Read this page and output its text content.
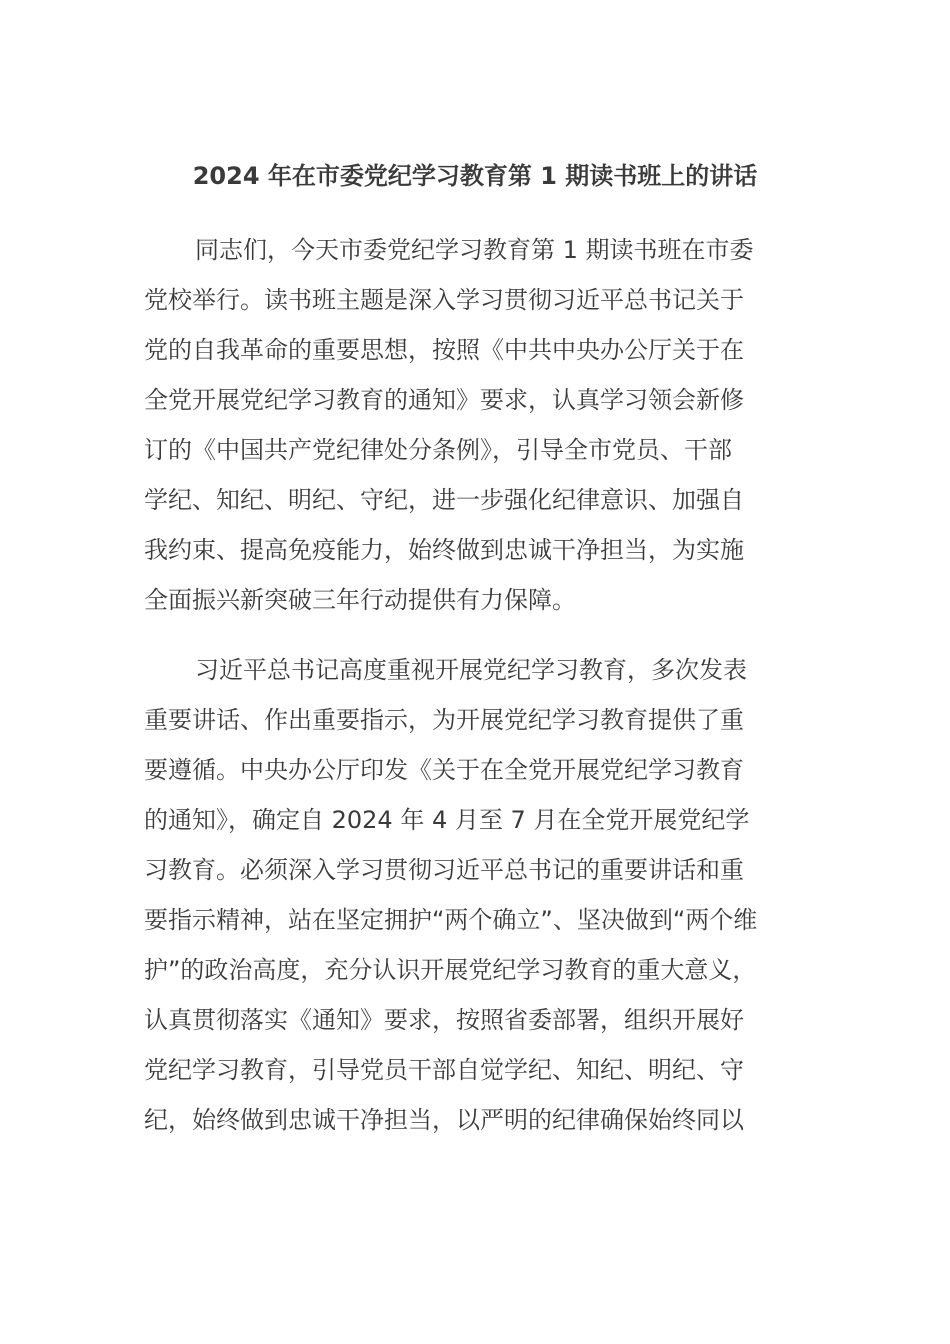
2024 年在市委党纪学习教育第 1 期读书班上的讲话
同志们，今天市委党纪学习教育第 1 期读书班在市委
党校举行。读书班主题是深入学习贯彻习近平总书记关于
党的自我革命的重要思想，按照《中共中央办公厅关于在
全党开展党纪学习教育的通知》要求，认真学习领会新修
订的《中国共产党纪律处分条例》，引导全市党员、干部
学纪、知纪、明纪、守纪，进一步强化纪律意识、加强自
我约束、提高免疫能力，始终做到忠诚干净担当，为实施
全面振兴新突破三年行动提供有力保障。
习近平总书记高度重视开展党纪学习教育，多次发表
重要讲话、作出重要指示，为开展党纪学习教育提供了重
要遵循。中央办公厅印发《关于在全党开展党纪学习教育
的通知》，确定自 2024 年 4 月至 7 月在全党开展党纪学
习教育。必须深入学习贯彻习近平总书记的重要讲话和重
要指示精神，站在坚定拥护“两个确立”、坚决做到“两个维
护”的政治高度，充分认识开展党纪学习教育的重大意义，
认真贯彻落实《通知》要求，按照省委部署，组织开展好
党纪学习教育，引导党员干部自觉学纪、知纪、明纪、守
纪，始终做到忠诚干净担当，以严明的纪律确保始终同以
